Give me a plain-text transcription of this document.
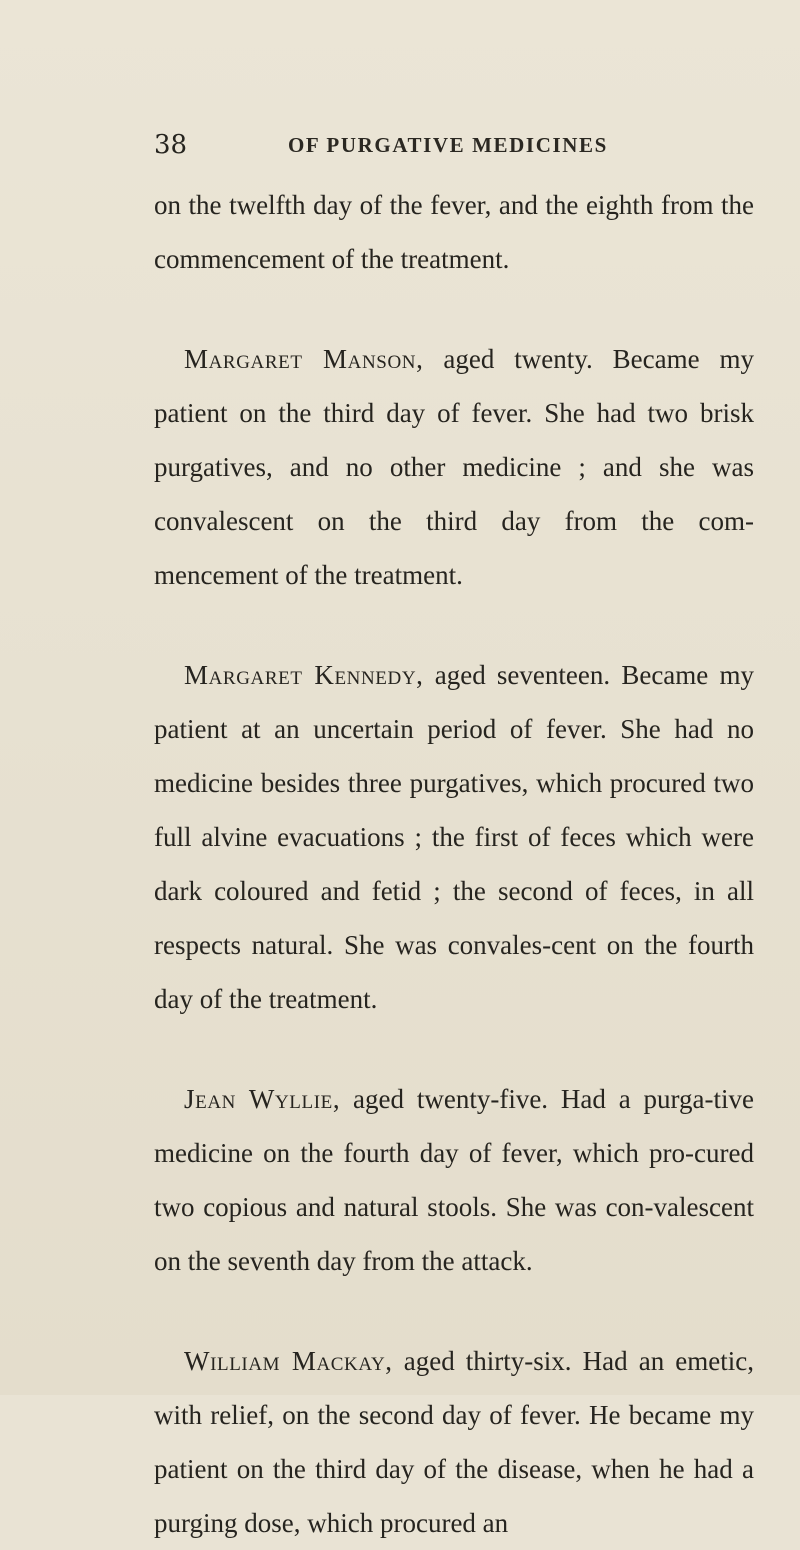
38	OF PURGATIVE MEDICINES

on the twelfth day of the fever, and the eighth from the commencement of the treatment.

Margaret Manson, aged twenty. Became my patient on the third day of fever. She had two brisk purgatives, and no other medicine ; and she was convalescent on the third day from the com-mencement of the treatment.

Margaret Kennedy, aged seventeen. Became my patient at an uncertain period of fever. She had no medicine besides three purgatives, which procured two full alvine evacuations ; the first of feces which were dark coloured and fetid ; the second of feces, in all respects natural. She was convales-cent on the fourth day of the treatment.

Jean Wyllie, aged twenty-five. Had a purga-tive medicine on the fourth day of fever, which pro-cured two copious and natural stools. She was con-valescent on the seventh day from the attack.

William Mackay, aged thirty-six. Had an emetic, with relief, on the second day of fever. He became my patient on the third day of the disease, when he had a purging dose, which procured an
